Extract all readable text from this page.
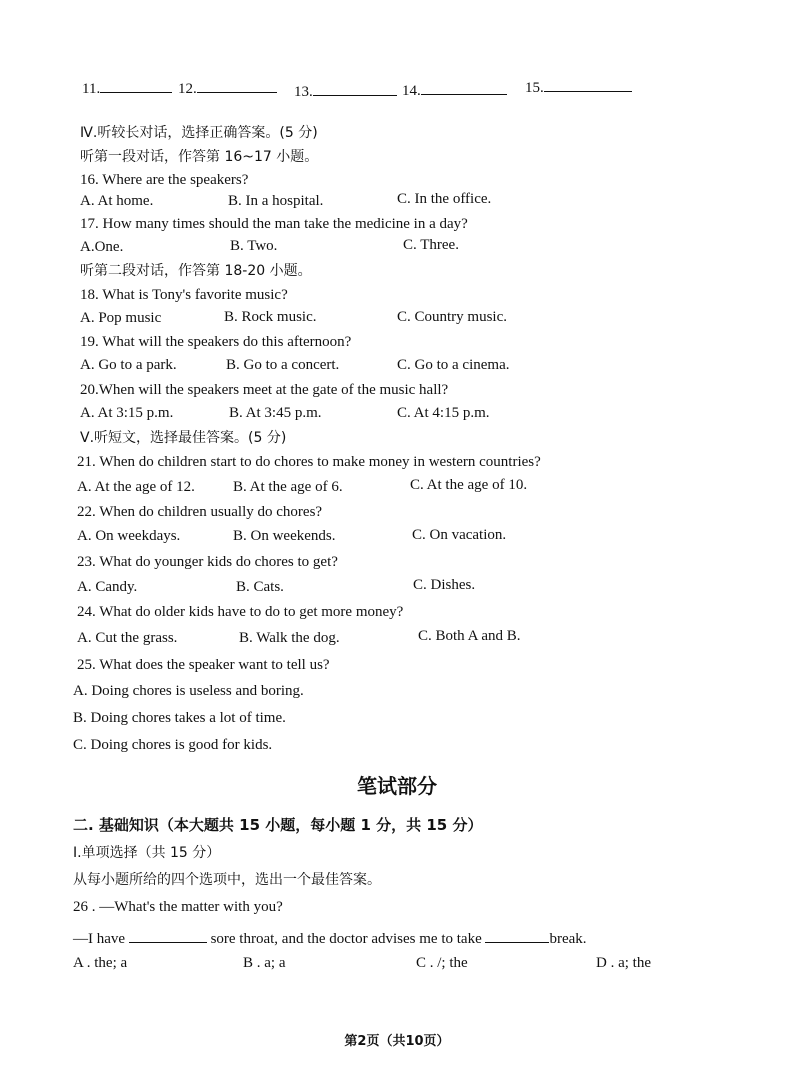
11.	12.	13.	14.	15.
Ⅳ.听较长对话，选择正确答案。(5 分)
听第一段对话，作答第 16~17 小题。
16. Where are the speakers?
A. At home.	B. In a hospital.	C. In the office.
17. How many times should the man take the medicine in a day?
A.One.	B. Two.	C. Three.
听第二段对话，作答第 18-20 小题。
18. What is Tony's favorite music?
A. Pop music	B. Rock music.	C. Country music.
19. What will the speakers do this afternoon?
A. Go to a park.	B. Go to a concert.	C. Go to a cinema.
20.When will the speakers meet at the gate of the music hall?
A. At 3:15 p.m.	B. At 3:45 p.m.	C. At 4:15 p.m.
Ⅴ.听短文，选择最佳答案。(5 分)
21. When do children start to do chores to make money in western countries?
A. At the age of 12.	B. At the age of 6.	C. At the age of 10.
22. When do children usually do chores?
A. On weekdays.	B. On weekends.	C. On vacation.
23. What do younger kids do chores to get?
A. Candy.	B. Cats.	C. Dishes.
24. What do older kids have to do to get more money?
A. Cut the grass.	B. Walk the dog.	C. Both A and B.
25. What does the speaker want to tell us?
A. Doing chores is useless and boring.
B. Doing chores takes a lot of time.
C. Doing chores is good for kids.
笔试部分
二. 基础知识（本大题共 15 小题，每小题 1 分，共 15 分）
Ⅰ.单项选择（共 15 分）
从每小题所给的四个选项中，选出一个最佳答案。
26 . —What's the matter with you?
—I have	sore throat, and the doctor advises me to take	break.
A . the; a	B . a; a	C . /; the	D . a; the
第2页（共10页）
